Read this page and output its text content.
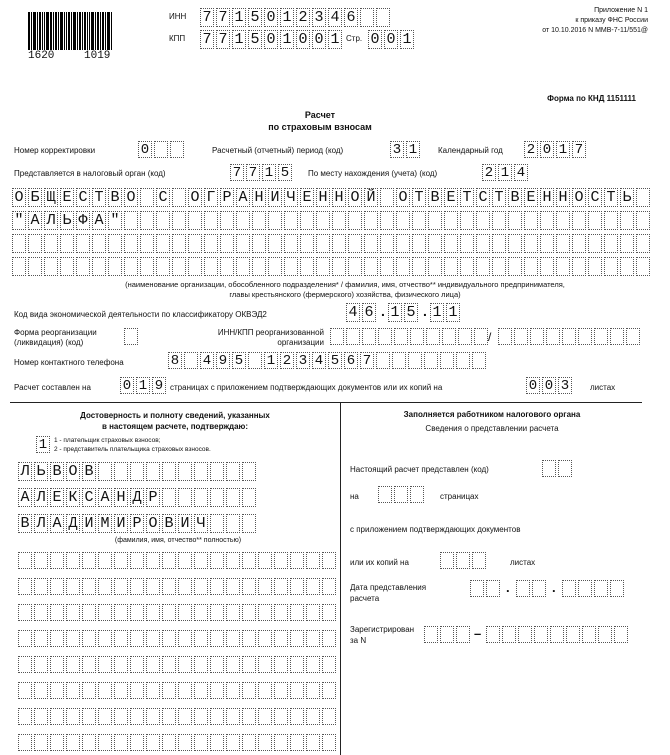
1620	1019
ИНН 7 7 1 5 0 1 2 3 4 6
КПП 7 7 1 5 0 1 0 0 1 Стр. 0 0 1
Приложение N 1
к приказу ФНС России
от 10.10.2016 N ММВ-7-11/551@
Форма по КНД 1151111
Расчет
по страховым взносам
Номер корректировки	0	Расчетный (отчетный) период (код)	3 1	Календарный год 2 0 1 7
Представляется в налоговый орган (код)	7 7 1 5	По месту нахождения (учета) (код)	2 1 4
О Б Щ Е С Т В О С О Г Р А Н И Ч Е Н Н О Й О Т В Е Т С Т В Е Н Н О С Т Ь
" А Л Ь Ф А "
(наименование организации, обособленного подразделения* / фамилия, имя, отчество** индивидуального предпринимателя,
главы крестьянского (фермерского) хозяйства, физического лица)
Код вида экономической деятельности по классификатору ОКВЭД2	4 6 . 1 5 . 1 1
Форма реорганизации
(ликвидация) (код)
ИНН/КПП реорганизованной
организации	/
Номер контактного телефона	8 4 9 5 1 2 3 4 5 6 7
Расчет составлен на 0 1 9 страницах с приложением подтверждающих документов или их копий на	0 0 3	листах
Достоверность и полноту сведений, указанных
в настоящем расчете, подтверждаю:
1	1 - плательщик страховых взносов;
2 - представитель плательщика страховых взносов.
Л Ь В О В
А Л Е К С А Н Д Р
В Л А Д И М И Р О В И Ч
(фамилия, имя, отчество** полностью)
Заполняется работником налогового органа
Сведения о представлении расчета
Настоящий расчет представлен (код)
на	страницах
с приложением подтверждающих документов
или их копий на	листах
Дата представления
расчета
.	.
Зарегистрирован
за N	–
